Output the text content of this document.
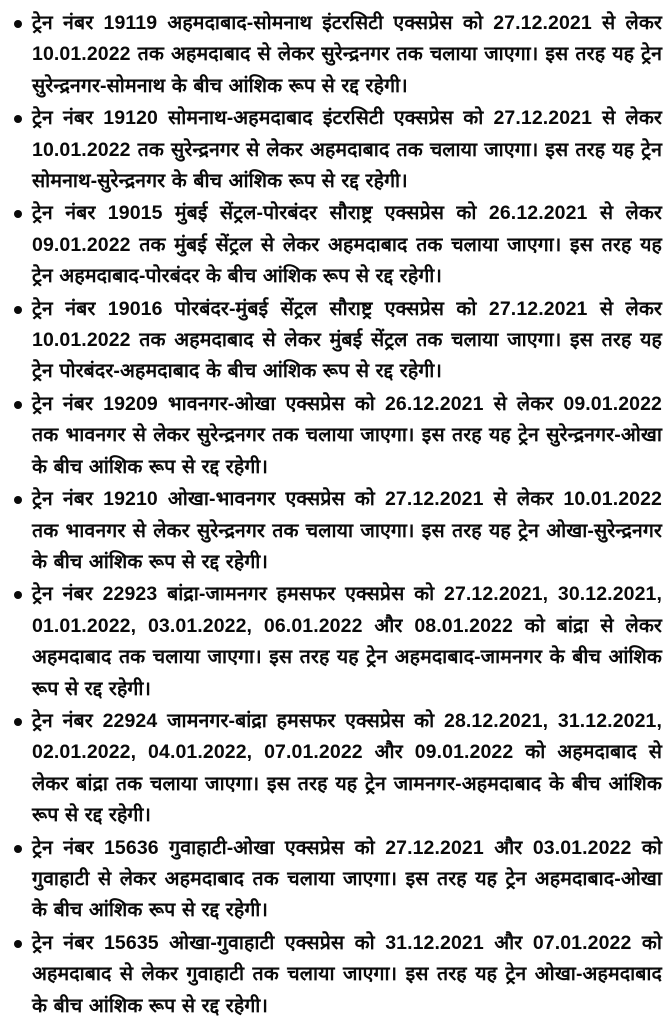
ट्रेन नंबर 19119 अहमदाबाद-सोमनाथ इंटरसिटी एक्सप्रेस को 27.12.2021 से लेकर 10.01.2022 तक अहमदाबाद से लेकर सुरेन्द्रनगर तक चलाया जाएगा। इस तरह यह ट्रेन सुरेन्द्रनगर-सोमनाथ के बीच आंशिक रूप से रद्द रहेगी।
ट्रेन नंबर 19120 सोमनाथ-अहमदाबाद इंटरसिटी एक्सप्रेस को 27.12.2021 से लेकर 10.01.2022 तक सुरेन्द्रनगर से लेकर अहमदाबाद तक चलाया जाएगा। इस तरह यह ट्रेन सोमनाथ-सुरेन्द्रनगर के बीच आंशिक रूप से रद्द रहेगी।
ट्रेन नंबर 19015 मुंबई सेंट्रल-पोरबंदर सौराष्ट्र एक्सप्रेस को 26.12.2021 से लेकर 09.01.2022 तक मुंबई सेंट्रल से लेकर अहमदाबाद तक चलाया जाएगा। इस तरह यह ट्रेन अहमदाबाद-पोरबंदर के बीच आंशिक रूप से रद्द रहेगी।
ट्रेन नंबर 19016 पोरबंदर-मुंबई सेंट्रल सौराष्ट्र एक्सप्रेस को 27.12.2021 से लेकर 10.01.2022 तक अहमदाबाद से लेकर मुंबई सेंट्रल तक चलाया जाएगा। इस तरह यह ट्रेन पोरबंदर-अहमदाबाद के बीच आंशिक रूप से रद्द रहेगी।
ट्रेन नंबर 19209 भावनगर-ओखा एक्सप्रेस को 26.12.2021 से लेकर 09.01.2022 तक भावनगर से लेकर सुरेन्द्रनगर तक चलाया जाएगा। इस तरह यह ट्रेन सुरेन्द्रनगर-ओखा के बीच आंशिक रूप से रद्द रहेगी।
ट्रेन नंबर 19210 ओखा-भावनगर एक्सप्रेस को 27.12.2021 से लेकर 10.01.2022 तक भावनगर से लेकर सुरेन्द्रनगर तक चलाया जाएगा। इस तरह यह ट्रेन ओखा-सुरेन्द्रनगर के बीच आंशिक रूप से रद्द रहेगी।
ट्रेन नंबर 22923 बांद्रा-जामनगर हमसफर एक्सप्रेस को 27.12.2021, 30.12.2021, 01.01.2022, 03.01.2022, 06.01.2022 और 08.01.2022 को बांद्रा से लेकर अहमदाबाद तक चलाया जाएगा। इस तरह यह ट्रेन अहमदाबाद-जामनगर के बीच आंशिक रूप से रद्द रहेगी।
ट्रेन नंबर 22924 जामनगर-बांद्रा हमसफर एक्सप्रेस को 28.12.2021, 31.12.2021, 02.01.2022, 04.01.2022, 07.01.2022 और 09.01.2022 को अहमदाबाद से लेकर बांद्रा तक चलाया जाएगा। इस तरह यह ट्रेन जामनगर-अहमदाबाद के बीच आंशिक रूप से रद्द रहेगी।
ट्रेन नंबर 15636 गुवाहाटी-ओखा एक्सप्रेस को 27.12.2021 और 03.01.2022 को गुवाहाटी से लेकर अहमदाबाद तक चलाया जाएगा। इस तरह यह ट्रेन अहमदाबाद-ओखा के बीच आंशिक रूप से रद्द रहेगी।
ट्रेन नंबर 15635 ओखा-गुवाहाटी एक्सप्रेस को 31.12.2021 और 07.01.2022 को अहमदाबाद से लेकर गुवाहाटी तक चलाया जाएगा। इस तरह यह ट्रेन ओखा-अहमदाबाद के बीच आंशिक रूप से रद्द रहेगी।
